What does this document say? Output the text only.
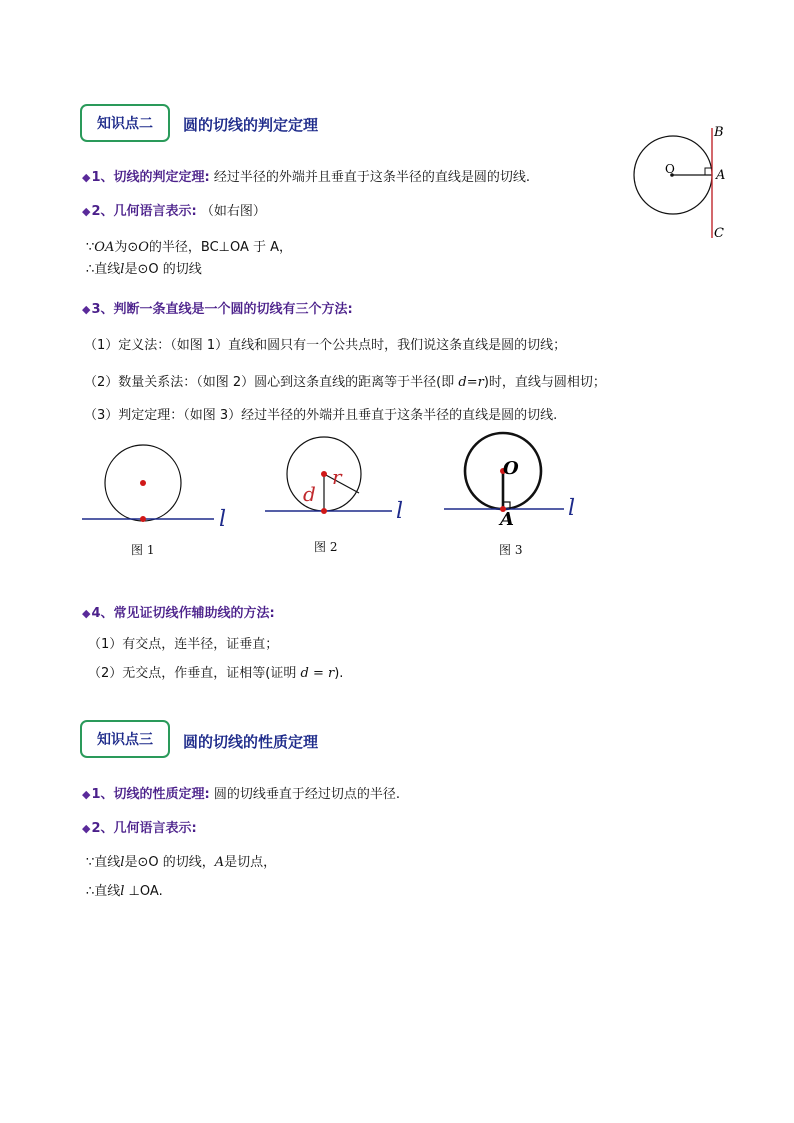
知识点二	圆的切线的判定定理
◆1、切线的判定定理: 经过半径的外端并且垂直于这条半径的直线是圆的切线.
◆2、几何语言表示: （如右图）
∵OA为⊙O的半径，BC⊥OA 于 A，
∴直线l是⊙O 的切线
B
A
C
O
◆3、判断一条直线是一个圆的切线有三个方法:
（1）定义法：（如图 1）直线和圆只有一个公共点时，我们说这条直线是圆的切线；
（2）数量关系法：（如图 2）圆心到这条直线的距离等于半径(即 d=r)时，直线与圆相切；
（3）判定定理：（如图 3）经过半径的外端并且垂直于这条半径的直线是圆的切线.
l
图 1
d
r
l
图 2
O
A l
图 3
◆4、常见证切线作辅助线的方法:
（1）有交点，连半径，证垂直；
（2）无交点，作垂直，证相等(证明 d = r).
知识点三	圆的切线的性质定理
◆1、切线的性质定理: 圆的切线垂直于经过切点的半径.
◆2、几何语言表示:
∵直线l是⊙O 的切线，A是切点，
∴直线l ⊥OA.
